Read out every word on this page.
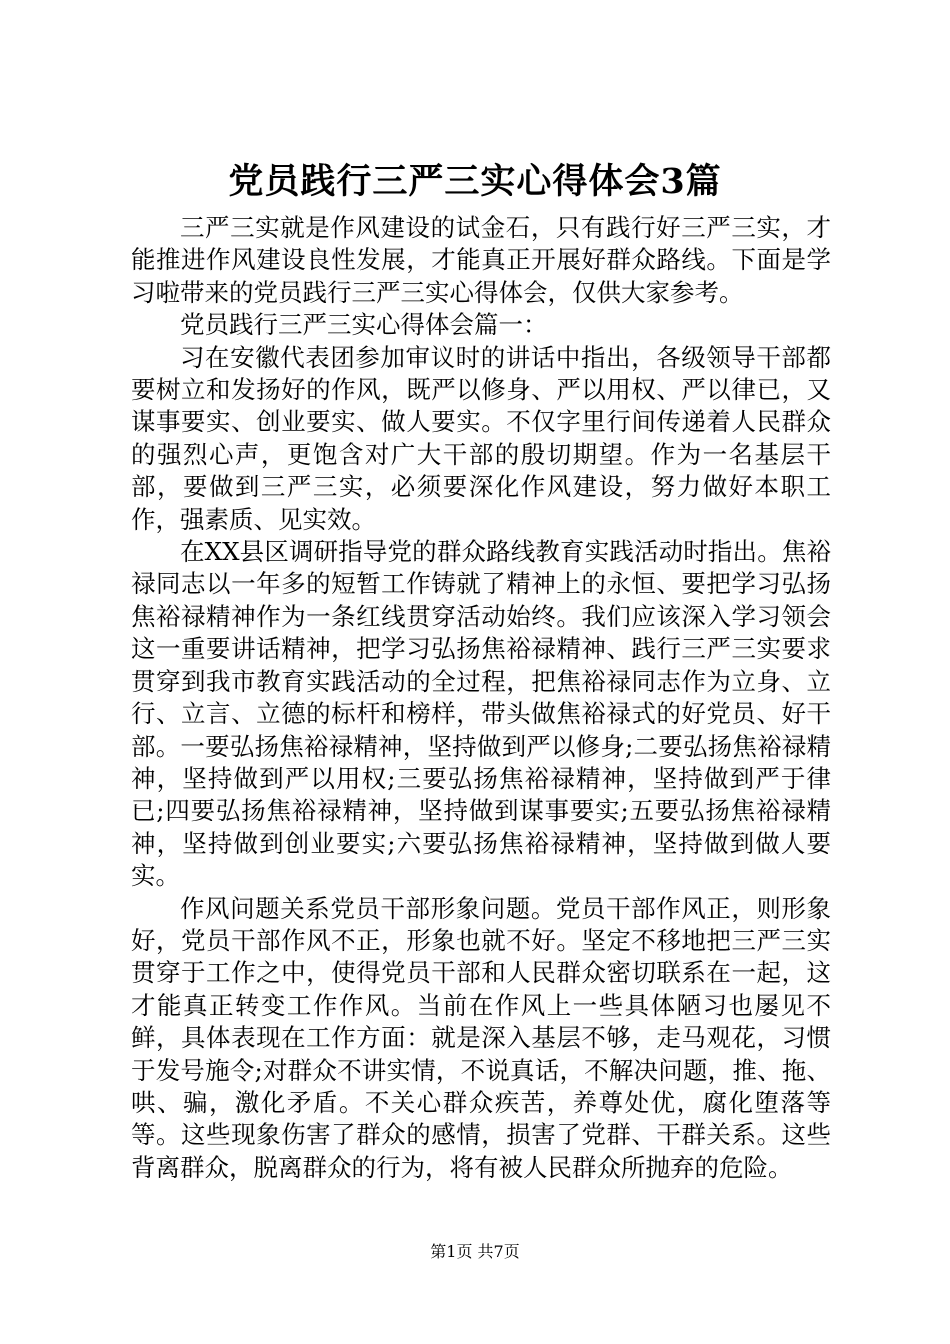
党员践行三严三实心得体会3篇

三严三实就是作风建设的试金石，只有践行好三严三实，才能推进作风建设良性发展，才能真正开展好群众路线。下面是学习啦带来的党员践行三严三实心得体会，仅供大家参考。

党员践行三严三实心得体会篇一：

习在安徽代表团参加审议时的讲话中指出，各级领导干部都要树立和发扬好的作风，既严以修身、严以用权、严以律已，又谋事要实、创业要实、做人要实。不仅字里行间传递着人民群众的强烈心声，更饱含对广大干部的殷切期望。作为一名基层干部，要做到三严三实，必须要深化作风建设，努力做好本职工作，强素质、见实效。

在XX县区调研指导党的群众路线教育实践活动时指出。焦裕禄同志以一年多的短暂工作铸就了精神上的永恒、要把学习弘扬焦裕禄精神作为一条红线贯穿活动始终。我们应该深入学习领会这一重要讲话精神，把学习弘扬焦裕禄精神、践行三严三实要求贯穿到我市教育实践活动的全过程，把焦裕禄同志作为立身、立行、立言、立德的标杆和榜样，带头做焦裕禄式的好党员、好干部。一要弘扬焦裕禄精神，坚持做到严以修身;二要弘扬焦裕禄精神，坚持做到严以用权;三要弘扬焦裕禄精神，坚持做到严于律已;四要弘扬焦裕禄精神，坚持做到谋事要实;五要弘扬焦裕禄精神，坚持做到创业要实;六要弘扬焦裕禄精神，坚持做到做人要实。

作风问题关系党员干部形象问题。党员干部作风正，则形象好，党员干部作风不正，形象也就不好。坚定不移地把三严三实贯穿于工作之中，使得党员干部和人民群众密切联系在一起，这才能真正转变工作作风。当前在作风上一些具体陋习也屡见不鲜，具体表现在工作方面：就是深入基层不够，走马观花，习惯于发号施令;对群众不讲实情，不说真话，不解决问题，推、拖、哄、骗，激化矛盾。不关心群众疾苦，养尊处优，腐化堕落等等。这些现象伤害了群众的感情，损害了党群、干群关系。这些背离群众，脱离群众的行为，将有被人民群众所抛弃的危险。

第1页 共7页
